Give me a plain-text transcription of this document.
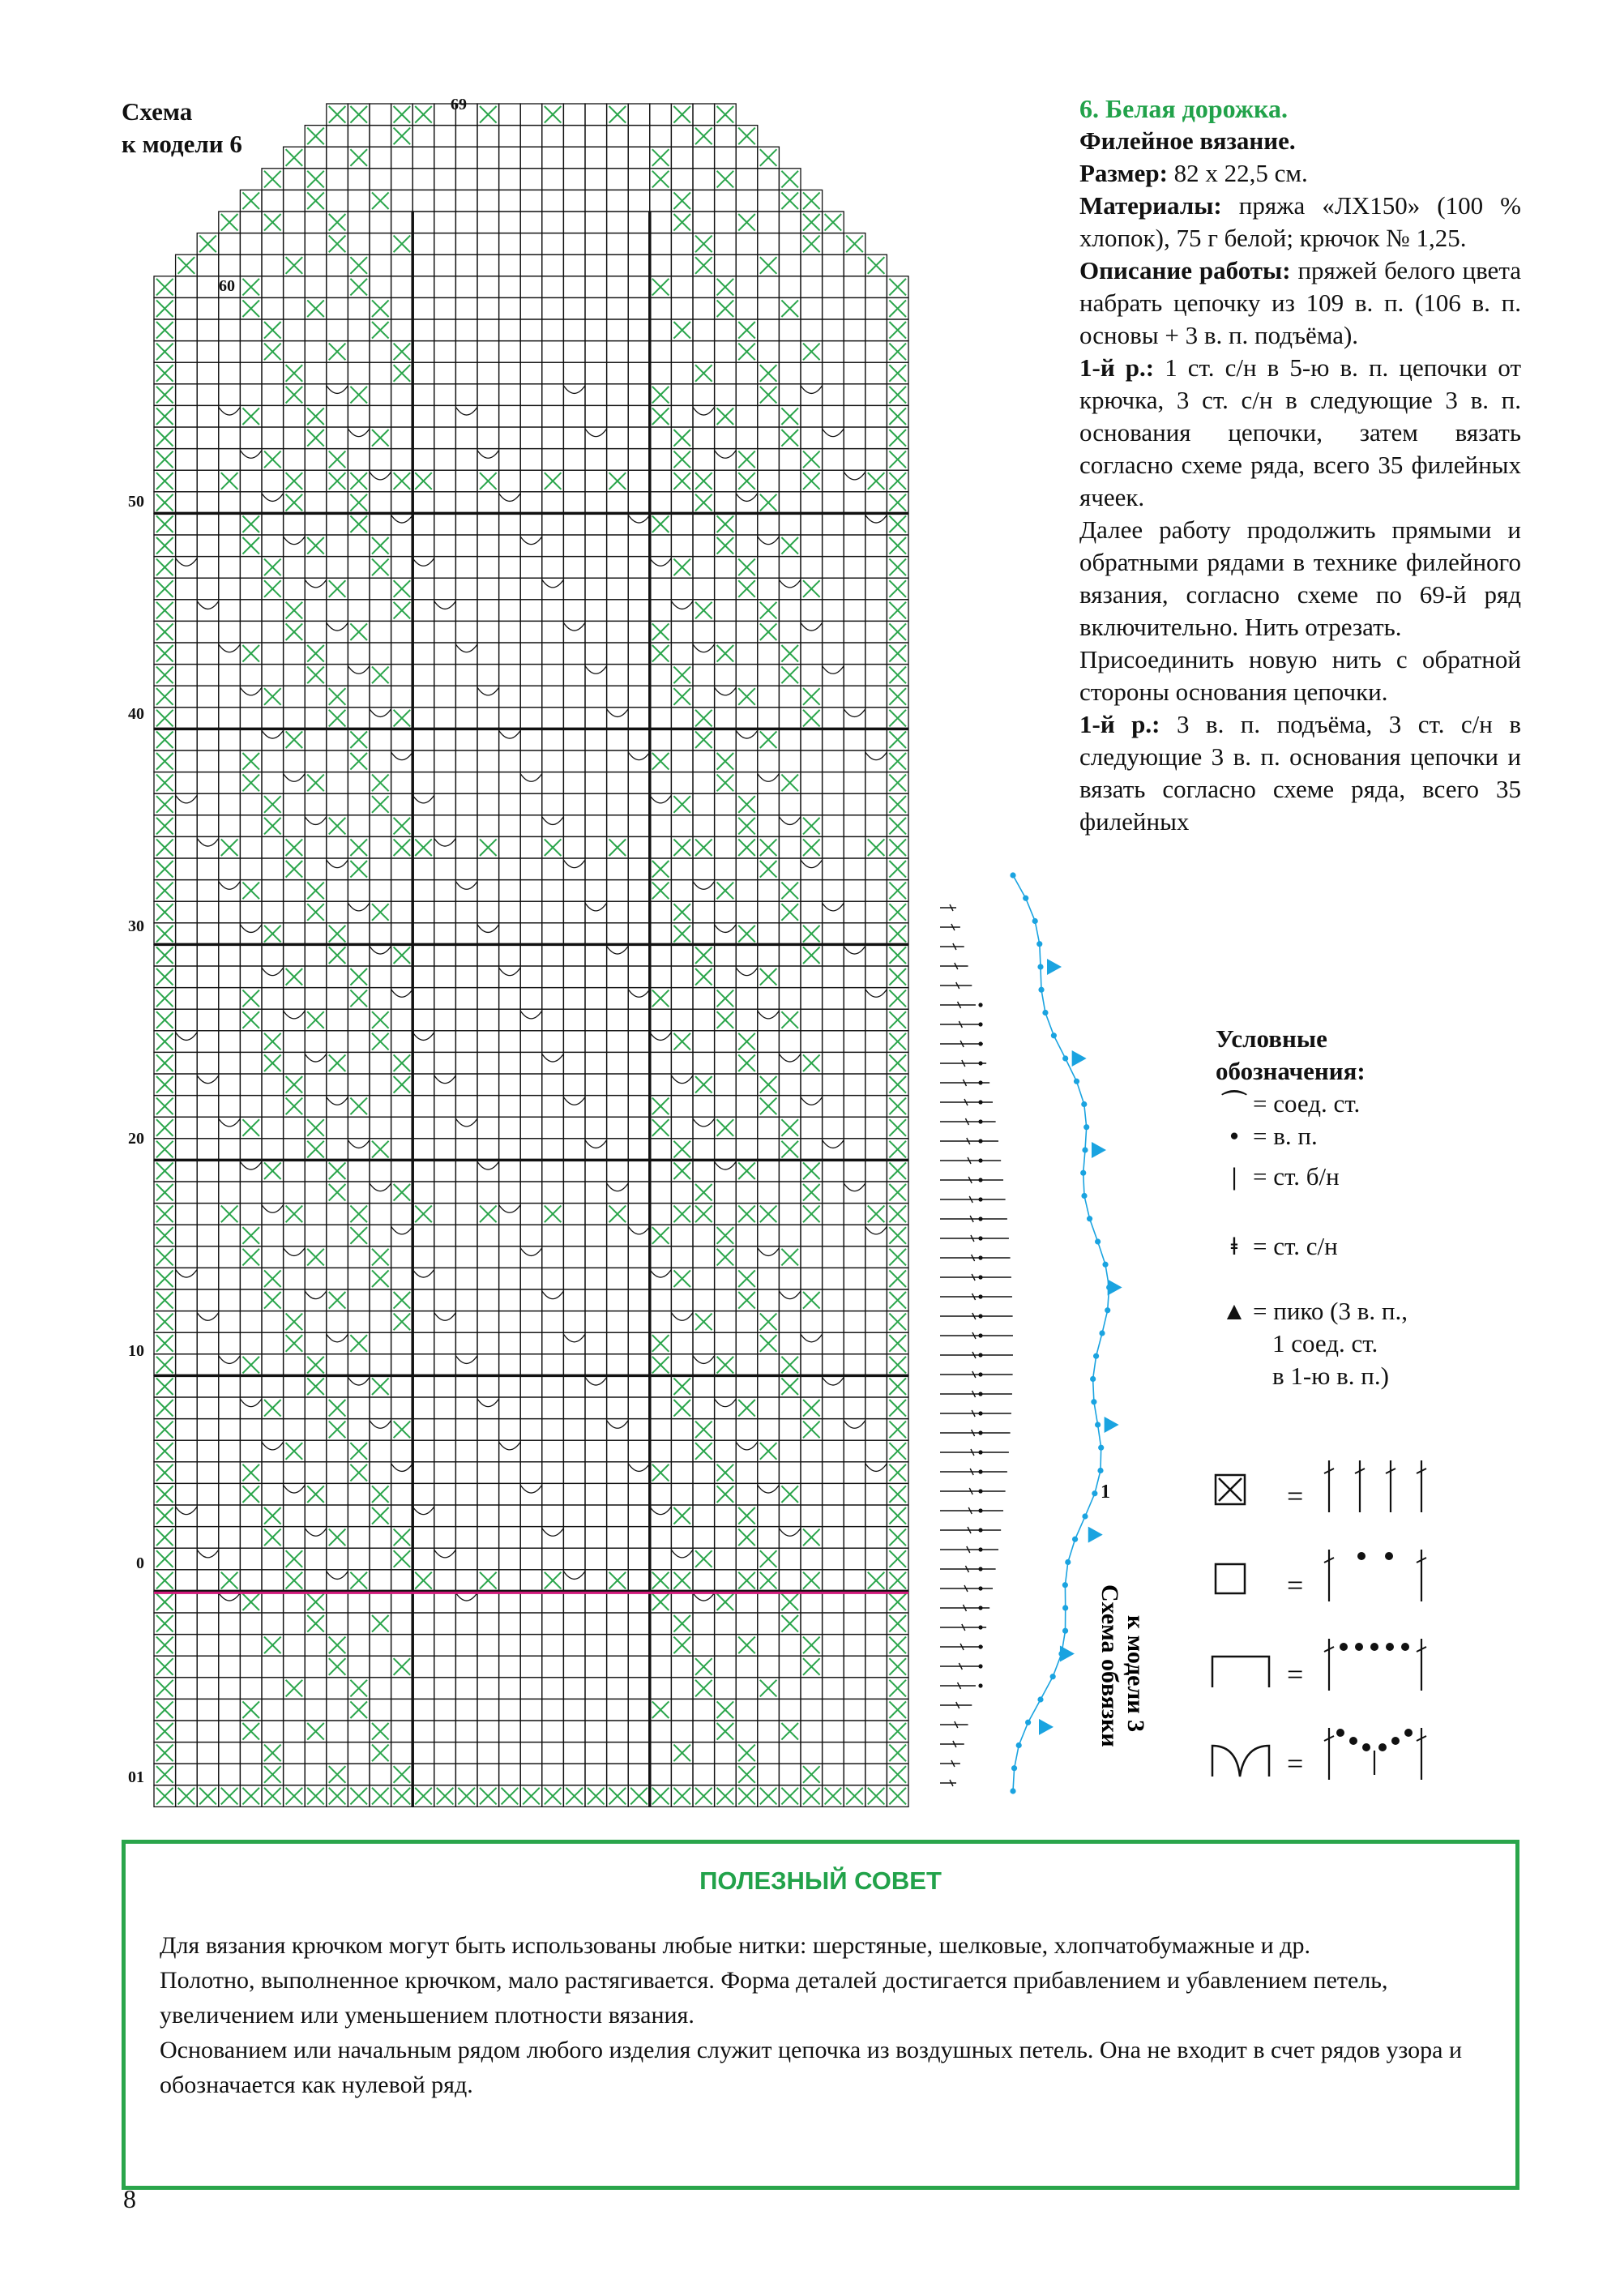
Схема
к модели 6
69
60
50
40
30
20
10
0
01

6. Белая дорожка.

Филейное вязание.

Размер: 82 х 22,5 см.

Материалы: пряжа «ЛХ150» (100 % хлопок), 75 г белой; крючок № 1,25.

Описание работы: пряжей белого цвета набрать цепочку из 109 в. п. (106 в. п. основы + 3 в. п. подъёма).

1-й р.: 1 ст. с/н в 5-ю в. п. цепочки от крючка, 3 ст. с/н в следующие 3 в. п. основания цепочки, затем вязать согласно схеме ряда, всего 35 филейных ячеек.

Далее работу продолжить прямыми и обратными рядами в технике филейного вязания, согласно схеме по 69-й ряд включительно. Нить отрезать.

Присоединить новую нить с обратной стороны основания цепочки.

1-й р.: 3 в. п. подъёма, 3 ст. с/н в следующие 3 в. п. основания цепочки и вязать согласно схеме ряда, всего 35 филейных

1
Схема обвязки к модели 3
Условные
обозначения:
⌒ = соед. ст.
• = в. п.
| = ст. б/н
ǂ = ст. с/н
▲ = пико (3 в. п.,
1 соед. ст.
в 1-ю в. п.)
=
=
=
=
ПОЛЕЗНЫЙ СОВЕТ

Для вязания крючком могут быть использованы любые нитки: шерстяные, шелковые, хлопчатобумажные и др.

Полотно, выполненное крючком, мало растягивается. Форма деталей достигается прибавлением и убавлением петель, увеличением или уменьшением плотности вязания.

Основанием или начальным рядом любого изделия служит цепочка из воздушных петель. Она не входит в счет рядов узора и обозначается как нулевой ряд.

8
